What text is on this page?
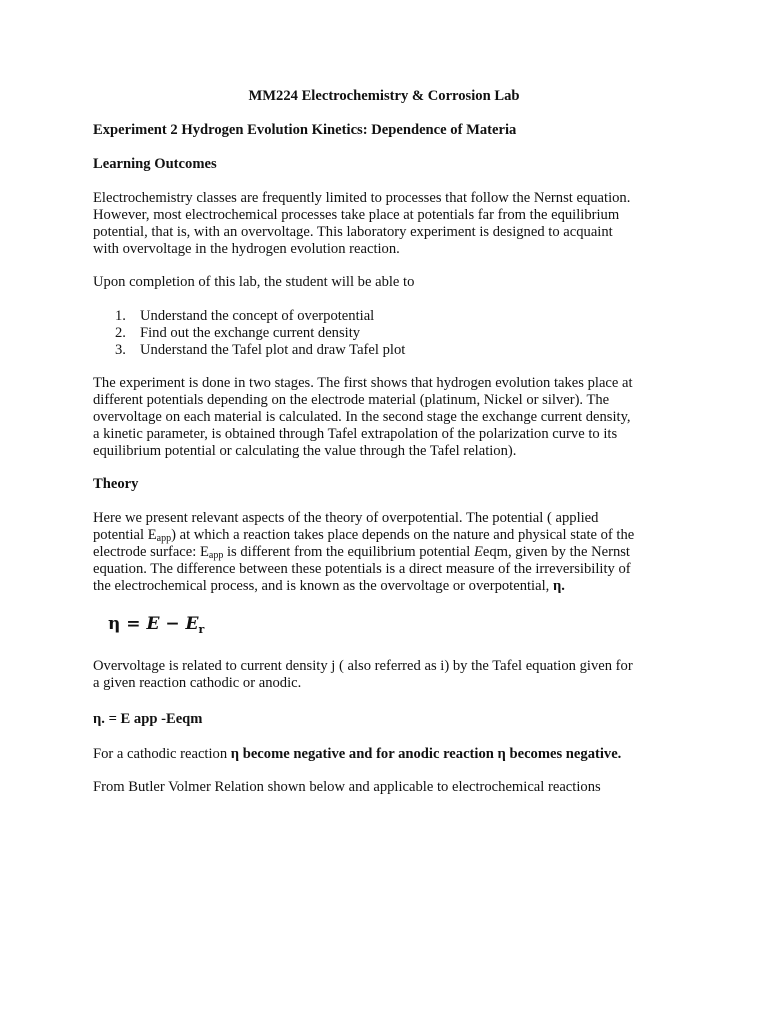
MM224 Electrochemistry & Corrosion Lab

Experiment 2 Hydrogen Evolution Kinetics: Dependence of Materia

Learning Outcomes

Electrochemistry classes are frequently limited to processes that follow the Nernst equation.
However, most electrochemical processes take place at potentials far from the equilibrium
potential, that is, with an overvoltage. This laboratory experiment is designed to acquaint
with overvoltage in the hydrogen evolution reaction.

Upon completion of this lab, the student will be able to

1. Understand the concept of overpotential
2. Find out the exchange current density
3. Understand the Tafel plot and draw Tafel plot
The experiment is done in two stages. The first shows that hydrogen evolution takes place at
different potentials depending on the electrode material (platinum, Nickel or silver). The
overvoltage on each material is calculated. In the second stage the exchange current density,
a kinetic parameter, is obtained through Tafel extrapolation of the polarization curve to its
equilibrium potential or calculating the value through the Tafel relation).

Theory

Here we present relevant aspects of the theory of overpotential. The potential ( applied
potential $E_{app}$) at which a reaction takes place depends on the nature and physical state of the
electrode surface: $E_{app}$ is different from the equilibrium potential Eeqm, given by the Nernst
equation. The difference between these potentials is a direct measure of the irreversibility of
the electrochemical process, and is known as the overvoltage or overpotential, η.
$\eta = E - E_r$
Overvoltage is related to current density j ( also referred as i) by the Tafel equation given for
a given reaction cathodic or anodic.

η. = E app -Eeqm

For a cathodic reaction η become negative and for anodic reaction η becomes negative.

From Butler Volmer Relation shown below and applicable to electrochemical reactions
